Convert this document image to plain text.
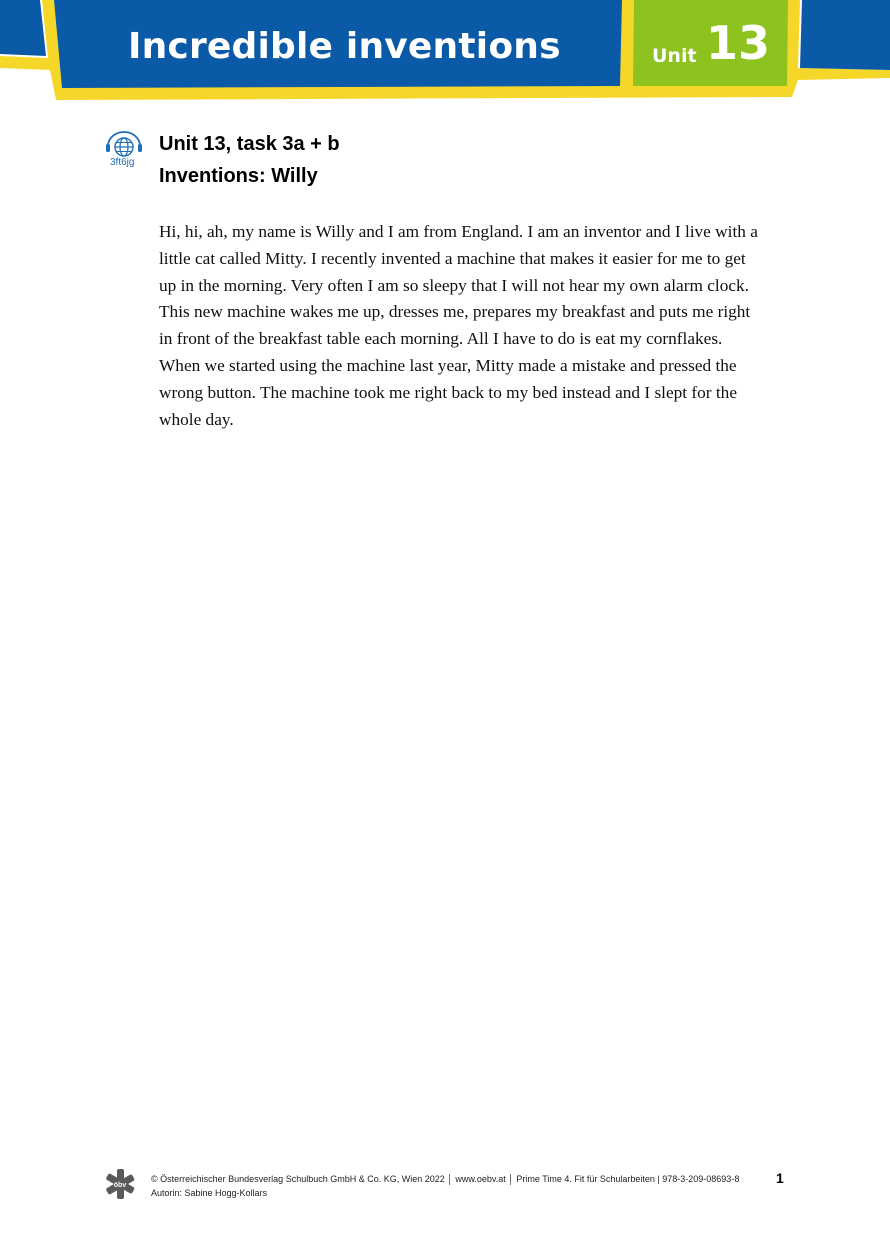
Incredible inventions	Unit 13
3ft6jg
Unit 13, task 3a + b
Inventions: Willy
Hi, hi, ah, my name is Willy and I am from England. I am an inventor and I live with a
little cat called Mitty. I recently invented a machine that makes it easier for me to get
up in the morning. Very often I am so sleepy that I will not hear my own alarm clock.
This new machine wakes me up, dresses me, prepares my breakfast and puts me right
in front of the breakfast table each morning. All I have to do is eat my cornflakes.
When we started using the machine last year, Mitty made a mistake and pressed the
wrong button. The machine took me right back to my bed instead and I slept for the
whole day.
öbv
© Österreichischer Bundesverlag Schulbuch GmbH & Co. KG, Wien 2022 │ www.oebv.at │ Prime Time 4. Fit für Schularbeiten | 978-3-209-08693-8
Autorin: Sabine Hogg-Kollars
1
